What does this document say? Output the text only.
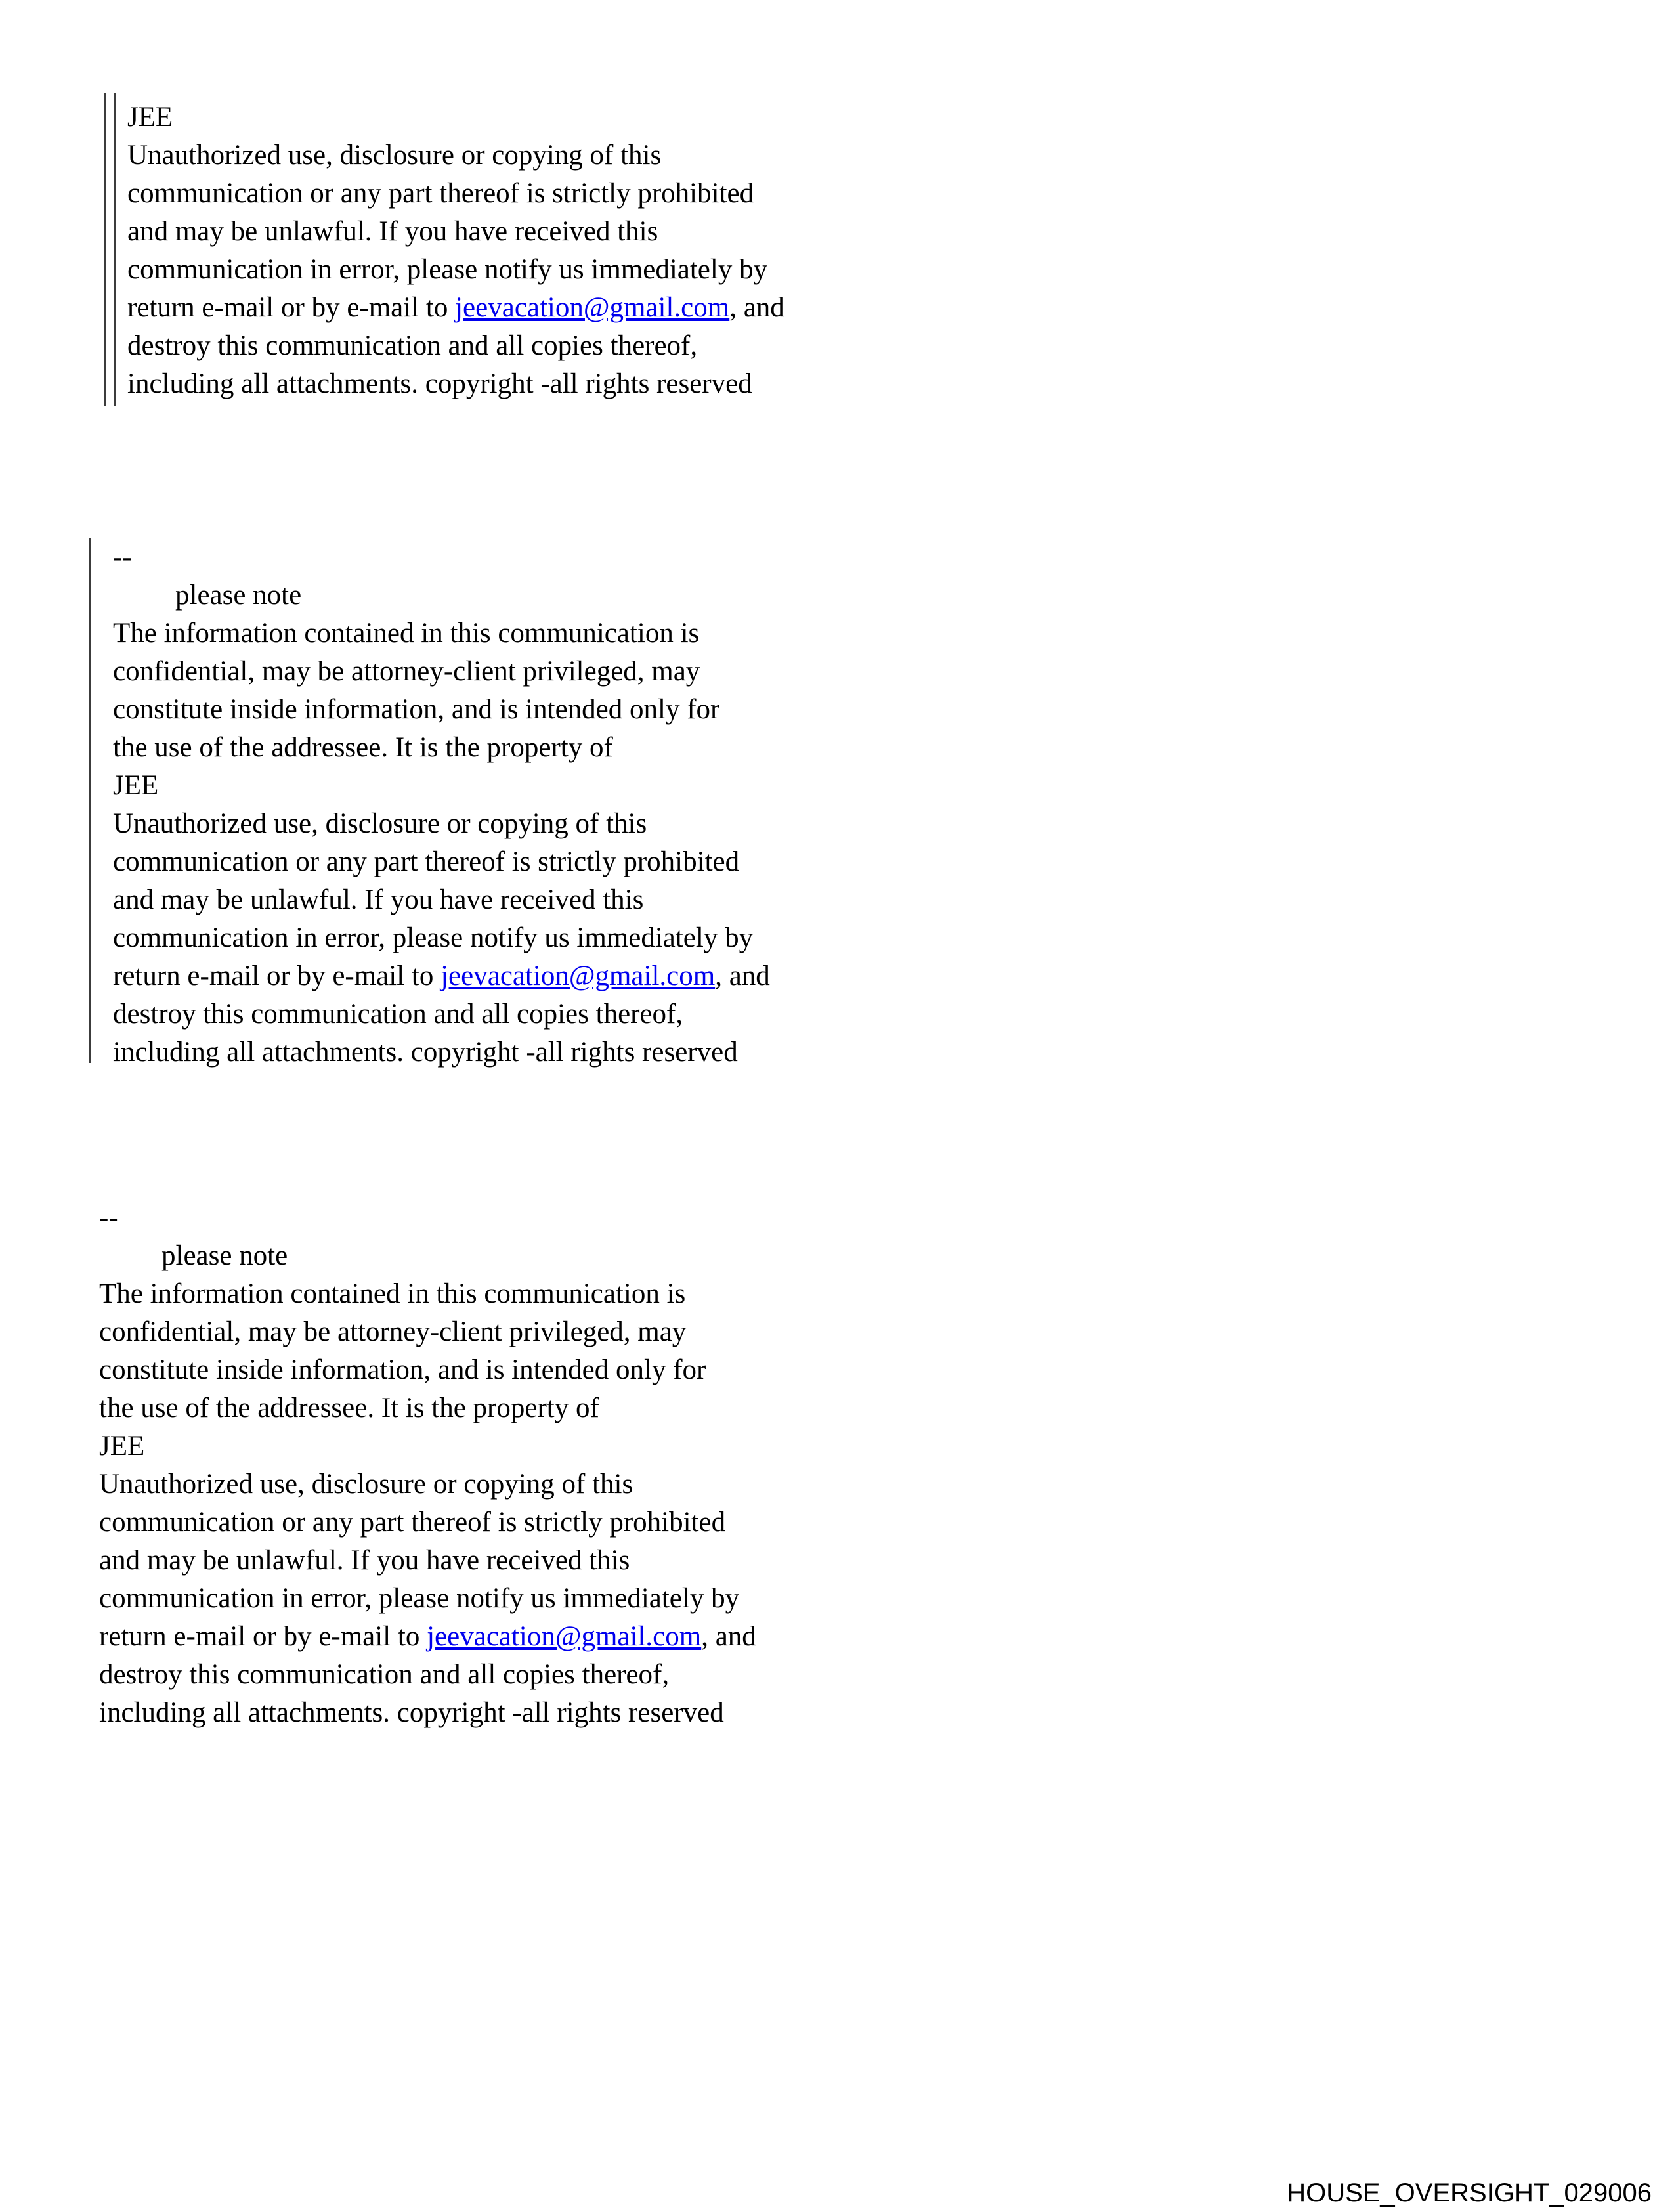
JEE
Unauthorized use, disclosure or copying of this
communication or any part thereof is strictly prohibited
and may be unlawful. If you have received this
communication in error, please notify us immediately by
return e-mail or by e-mail to jeevacation@gmail.com, and
destroy this communication and all copies thereof,
including all attachments. copyright -all rights reserved
--
please note
The information contained in this communication is
confidential, may be attorney-client privileged, may
constitute inside information, and is intended only for
the use of the addressee. It is the property of
JEE
Unauthorized use, disclosure or copying of this
communication or any part thereof is strictly prohibited
and may be unlawful. If you have received this
communication in error, please notify us immediately by
return e-mail or by e-mail to jeevacation@gmail.com, and
destroy this communication and all copies thereof,
including all attachments. copyright -all rights reserved
--
please note
The information contained in this communication is
confidential, may be attorney-client privileged, may
constitute inside information, and is intended only for
the use of the addressee. It is the property of
JEE
Unauthorized use, disclosure or copying of this
communication or any part thereof is strictly prohibited
and may be unlawful. If you have received this
communication in error, please notify us immediately by
return e-mail or by e-mail to jeevacation@gmail.com, and
destroy this communication and all copies thereof,
including all attachments. copyright -all rights reserved
HOUSE_OVERSIGHT_029006
